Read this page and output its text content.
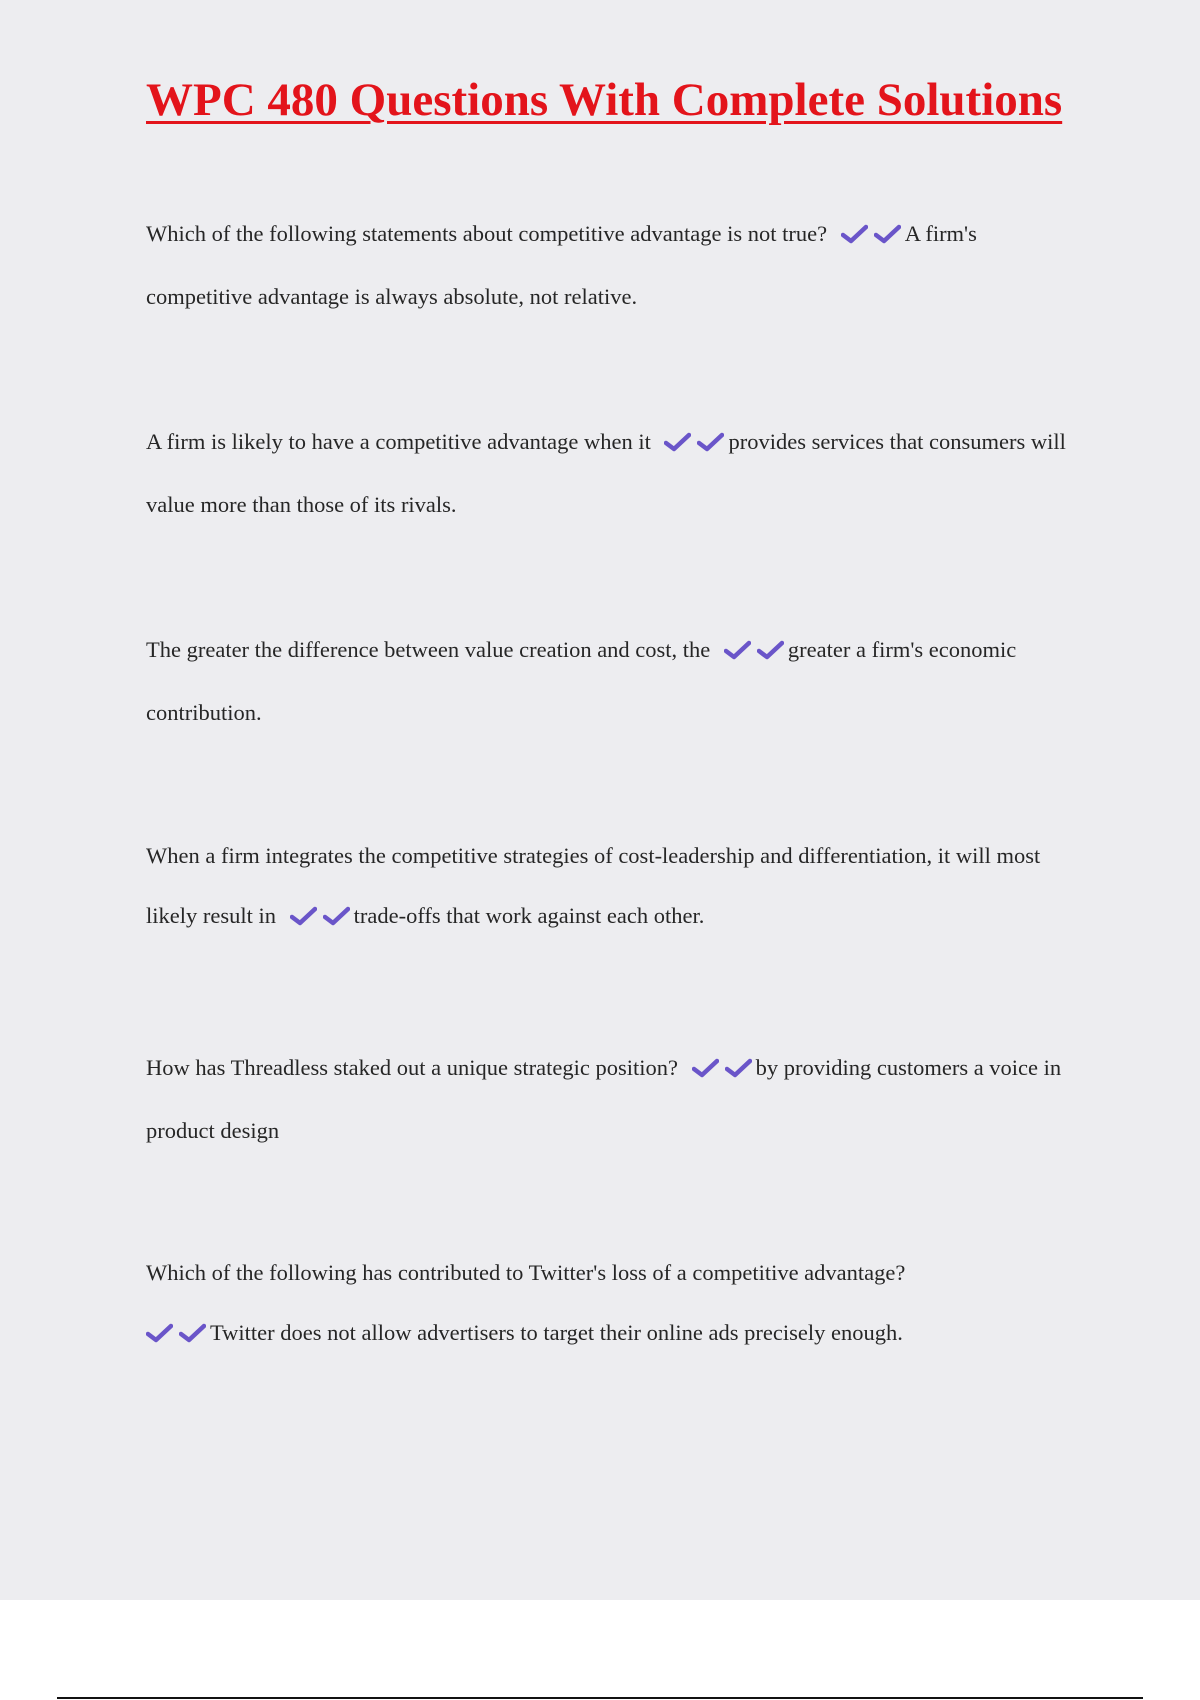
WPC 480 Questions With Complete Solutions

Which of the following statements about competitive advantage is not true?	A firm's competitive advantage is always absolute, not relative.

A firm is likely to have a competitive advantage when it	provides services that consumers will value more than those of its rivals.

The greater the difference between value creation and cost, the	greater a firm's economic contribution.

When a firm integrates the competitive strategies of cost-leadership and differentiation, it will most likely result in	trade-offs that work against each other.

How has Threadless staked out a unique strategic position?	by providing customers a voice in product design

Which of the following has contributed to Twitter's loss of a competitive advantage?
Twitter does not allow advertisers to target their online ads precisely enough.
